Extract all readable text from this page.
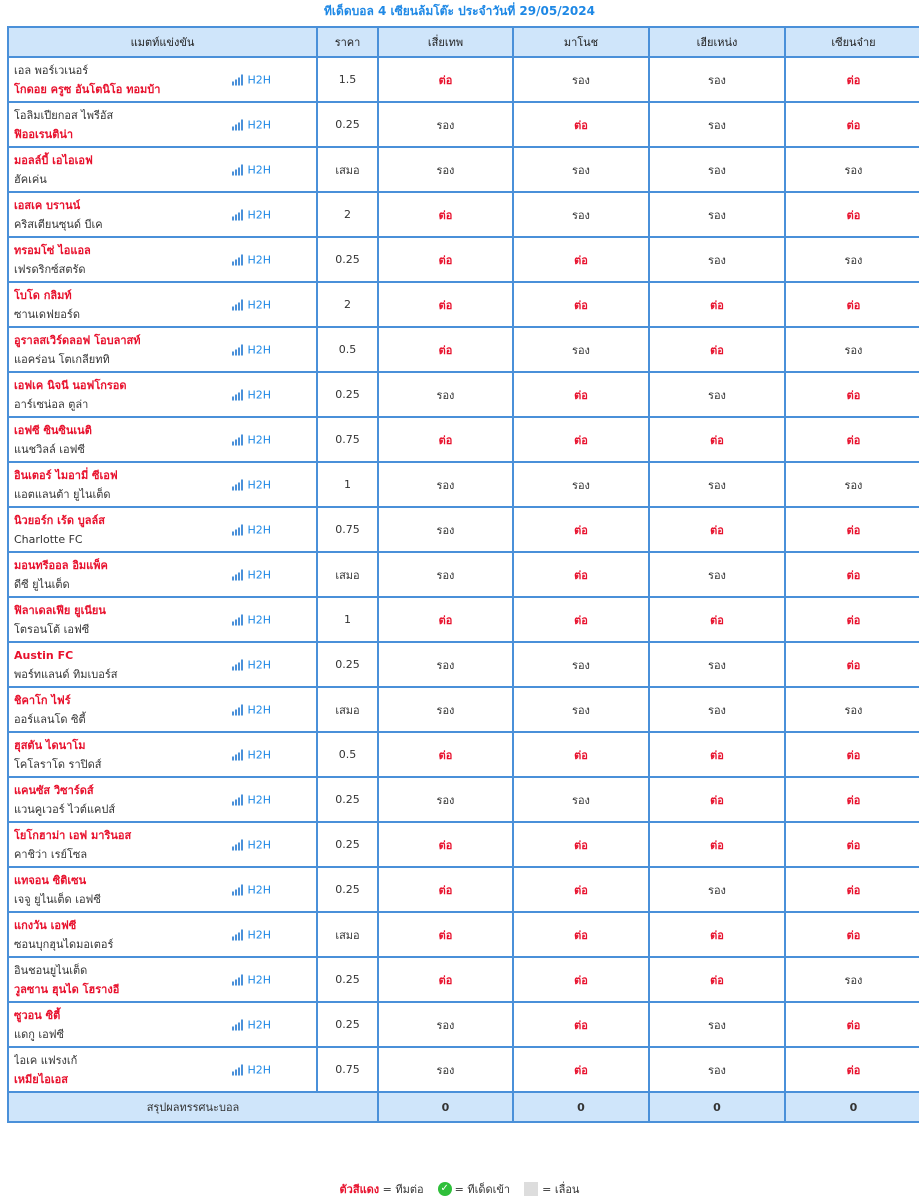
ทีเด็ดบอล 4 เซียนล้มโต๊ะ ประจำวันที่ 29/05/2024
แมตท์แข่งขัน	ราคา	เสี่ยเทพ	มาโนช	เฮียเหน่ง	เซียนจ๋าย

เอล พอร์เวเนอร์
โกดอย ครูซ อันโตนิโอ ทอมบ้า
H2H	1.5	ต่อ	รอง	รอง	ต่อ

โอลิมเปียกอส ไพรีอัส
ฟิออเรนติน่า
H2H	0.25	รอง	ต่อ	รอง	ต่อ

มอลล์บี้ เอไอเอฟ
ฮัคเค่น
H2H	เสมอ	รอง	รอง	รอง	รอง

เอสเค บรานน์
คริสเตียนซุนด์ บีเค
H2H	2	ต่อ	รอง	รอง	ต่อ

ทรอมโซ่ ไอแอล
เฟรดริกซ์สตรัด
H2H	0.25	ต่อ	ต่อ	รอง	รอง

โบโด กลิมท์
ซานเดฟยอร์ด
H2H	2	ต่อ	ต่อ	ต่อ	ต่อ

อูราลสเวิร์ดลอฟ โอบลาสท์
แอคร่อน โตเกลียททิ
H2H	0.5	ต่อ	รอง	ต่อ	รอง

เอฟเค นิจนี นอฟโกรอด
อาร์เซน่อล ตูล่า
H2H	0.25	รอง	ต่อ	รอง	ต่อ

เอฟซี ซินซินเนติ
แนชวิลล์ เอฟซี
H2H	0.75	ต่อ	ต่อ	ต่อ	ต่อ

อินเตอร์ ไมอามี่ ซีเอฟ
แอตแลนต้า ยูไนเต็ด
H2H	1	รอง	รอง	รอง	รอง

นิวยอร์ก เร้ด บูลล์ส
Charlotte FC
H2H	0.75	รอง	ต่อ	ต่อ	ต่อ

มอนทรีออล อิมแพ็ค
ดีซี ยูไนเต็ด
H2H	เสมอ	รอง	ต่อ	รอง	ต่อ

ฟิลาเดลเฟีย ยูเนียน
โตรอนโต้ เอฟซี
H2H	1	ต่อ	ต่อ	ต่อ	ต่อ

Austin FC
พอร์ทแลนด์ ทิมเบอร์ส
H2H	0.25	รอง	รอง	รอง	ต่อ

ชิคาโก ไฟร์
ออร์แลนโด ซิตี้
H2H	เสมอ	รอง	รอง	รอง	รอง

ฮุสตัน ไดนาโม
โคโลราโด ราปิดส์
H2H	0.5	ต่อ	ต่อ	ต่อ	ต่อ

แคนซัส วิซาร์ดส์
แวนคูเวอร์ ไวต์แคปส์
H2H	0.25	รอง	รอง	ต่อ	ต่อ

โยโกฮาม่า เอฟ มารินอส
คาชิว่า เรย์โซล
H2H	0.25	ต่อ	ต่อ	ต่อ	ต่อ

แทจอน ซิติเซน
เจจู ยูไนเต็ด เอฟซี
H2H	0.25	ต่อ	ต่อ	รอง	ต่อ

แกงวัน เอฟซี
ซอนบุกฮุนไดมอเตอร์
H2H	เสมอ	ต่อ	ต่อ	ต่อ	ต่อ

อินชอนยูไนเต็ด
วูลซาน ฮุนได โฮรางอี
H2H	0.25	ต่อ	ต่อ	ต่อ	รอง

ซูวอน ซิตี้
แดกู เอฟซี
H2H	0.25	รอง	ต่อ	รอง	ต่อ

ไอเค แฟรงเก้
เหมียไอเอส
H2H	0.75	รอง	ต่อ	รอง	ต่อ
สรุปผลทรรศนะบอล		0	0	0	0
ตัวสีแดง
= ทีมต่อ ✓ = ทีเด็ดเข้า	= เลื่อน
